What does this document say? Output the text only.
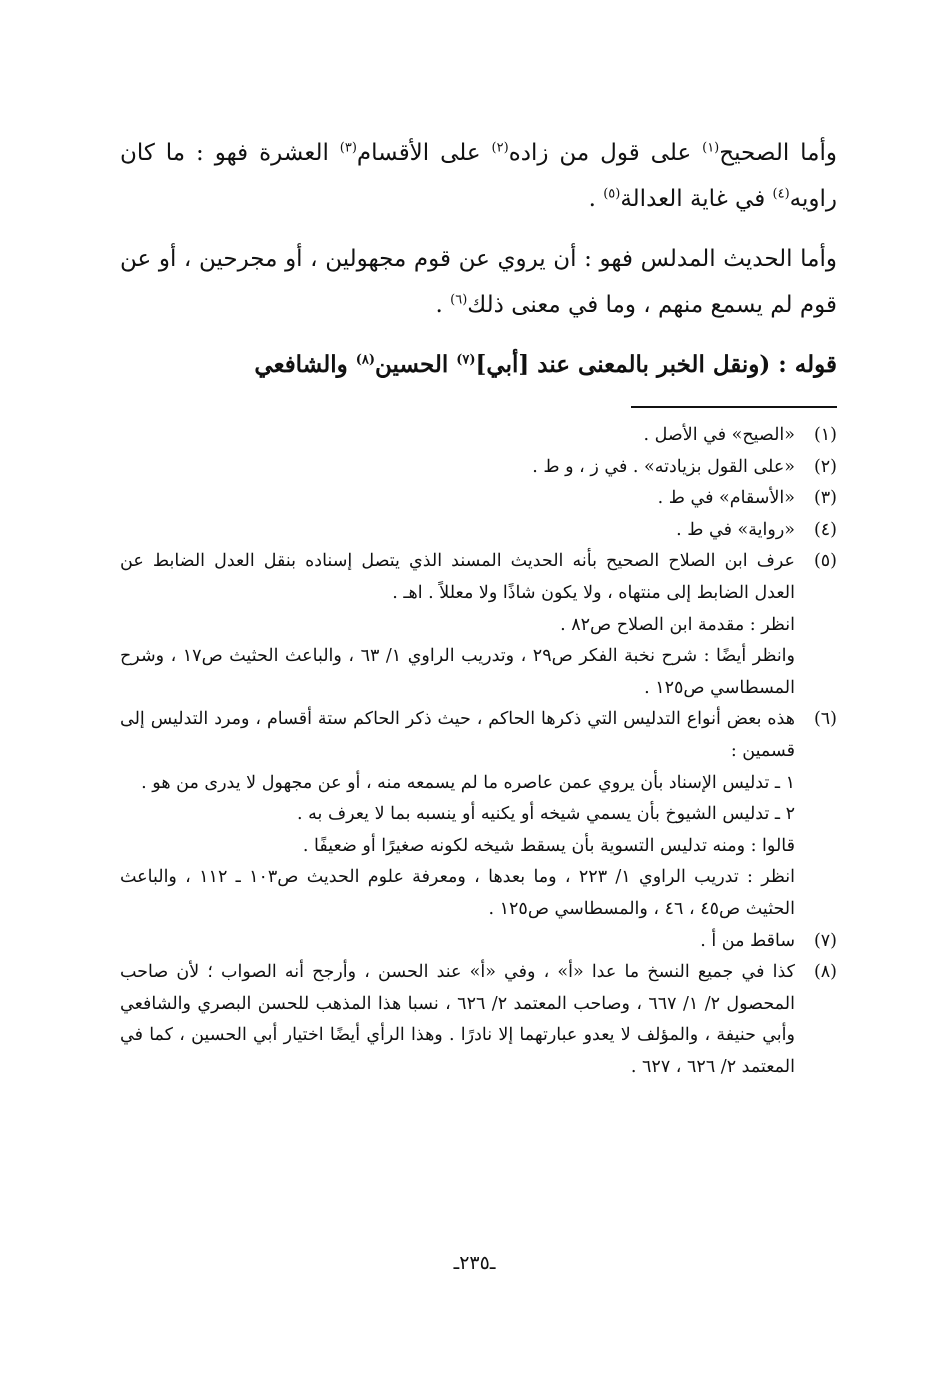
وأما الصحيح$^{(١)}$ على قول من زاده$^{(٢)}$ على الأقسام$^{(٣)}$ العشرة فهو : ما كان راويه$^{(٤)}$ في غاية العدالة$^{(٥)}$ .

وأما الحديث المدلس فهو : أن يروي عن قوم مجهولين ، أو مجرحين ، أو عن قوم لم يسمع منهم ، وما في معنى ذلك$^{(٦)}$ .

قوله : (ونقل الخبر بالمعنى عند [أبي]$^{(٧)}$ الحسين$^{(٨)}$ والشافعي

(١)
«الصيح» في الأصل .
(٢)
«على القول بزيادته» . في ز ، و ط .
(٣)
«الأسقام» في ط .
(٤)
«رواية» في ط .
(٥)
عرف ابن الصلاح الصحيح بأنه الحديث المسند الذي يتصل إسناده بنقل العدل الضابط عن العدل الضابط إلى منتهاه ، ولا يكون شاذًا ولا معللاً . اهـ .
انظر : مقدمة ابن الصلاح ص٨٢ .
وانظر أيضًا : شرح نخبة الفكر ص٢٩ ، وتدريب الراوي ١/ ٦٣ ، والباعث الحثيث ص١٧ ، وشرح المسطاسي ص١٢٥ .
(٦)
هذه بعض أنواع التدليس التي ذكرها الحاكم ، حيث ذكر الحاكم ستة أقسام ، ومرد التدليس إلى قسمين :
١ ـ تدليس الإسناد بأن يروي عمن عاصره ما لم يسمعه منه ، أو عن مجهول لا يدرى من هو .
٢ ـ تدليس الشيوخ بأن يسمي شيخه أو يكنيه أو ينسبه بما لا يعرف به .
قالوا : ومنه تدليس التسوية بأن يسقط شيخه لكونه صغيرًا أو ضعيفًا .
انظر : تدريب الراوي ١/ ٢٢٣ ، وما بعدها ، ومعرفة علوم الحديث ص١٠٣ ـ ١١٢ ، والباعث الحثيث ص٤٥ ، ٤٦ ، والمسطاسي ص١٢٥ .
(٧)
ساقط من أ .
(٨)
كذا في جميع النسخ ما عدا «أ» ، وفي «أ» عند الحسن ، وأرجح أنه الصواب ؛ لأن صاحب المحصول ٢/ ١/ ٦٦٧ ، وصاحب المعتمد ٢/ ٦٢٦ ، نسبا هذا المذهب للحسن البصري والشافعي وأبي حنيفة ، والمؤلف لا يعدو عبارتهما إلا نادرًا . وهذا الرأي أيضًا اختيار أبي الحسين ، كما في المعتمد ٢/ ٦٢٦ ، ٦٢٧ .
ـ٢٣٥ـ
